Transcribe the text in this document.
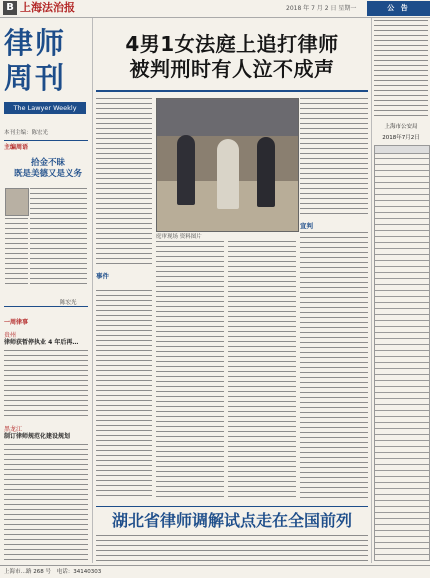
B 上海法治报	2018 年 7 月 2 日 星期一	公 告
律师周刊
The Lawyer Weekly
本刊主编：陈宏光
主编周语
拾金不昧
既是美德又是义务
陈宏光
一周律事
贵州
律师获暂停执业 4 年后再…
黑龙江
制订律师规范化建设规划
4男1女法庭上追打律师
被判刑时有人泣不成声
庭审现场 资料图片
事件
宣判
湖北省律师调解试点走在全国前列
上海市公安局
2018年7月2日
上海市…路 268 号 电话：34140303
